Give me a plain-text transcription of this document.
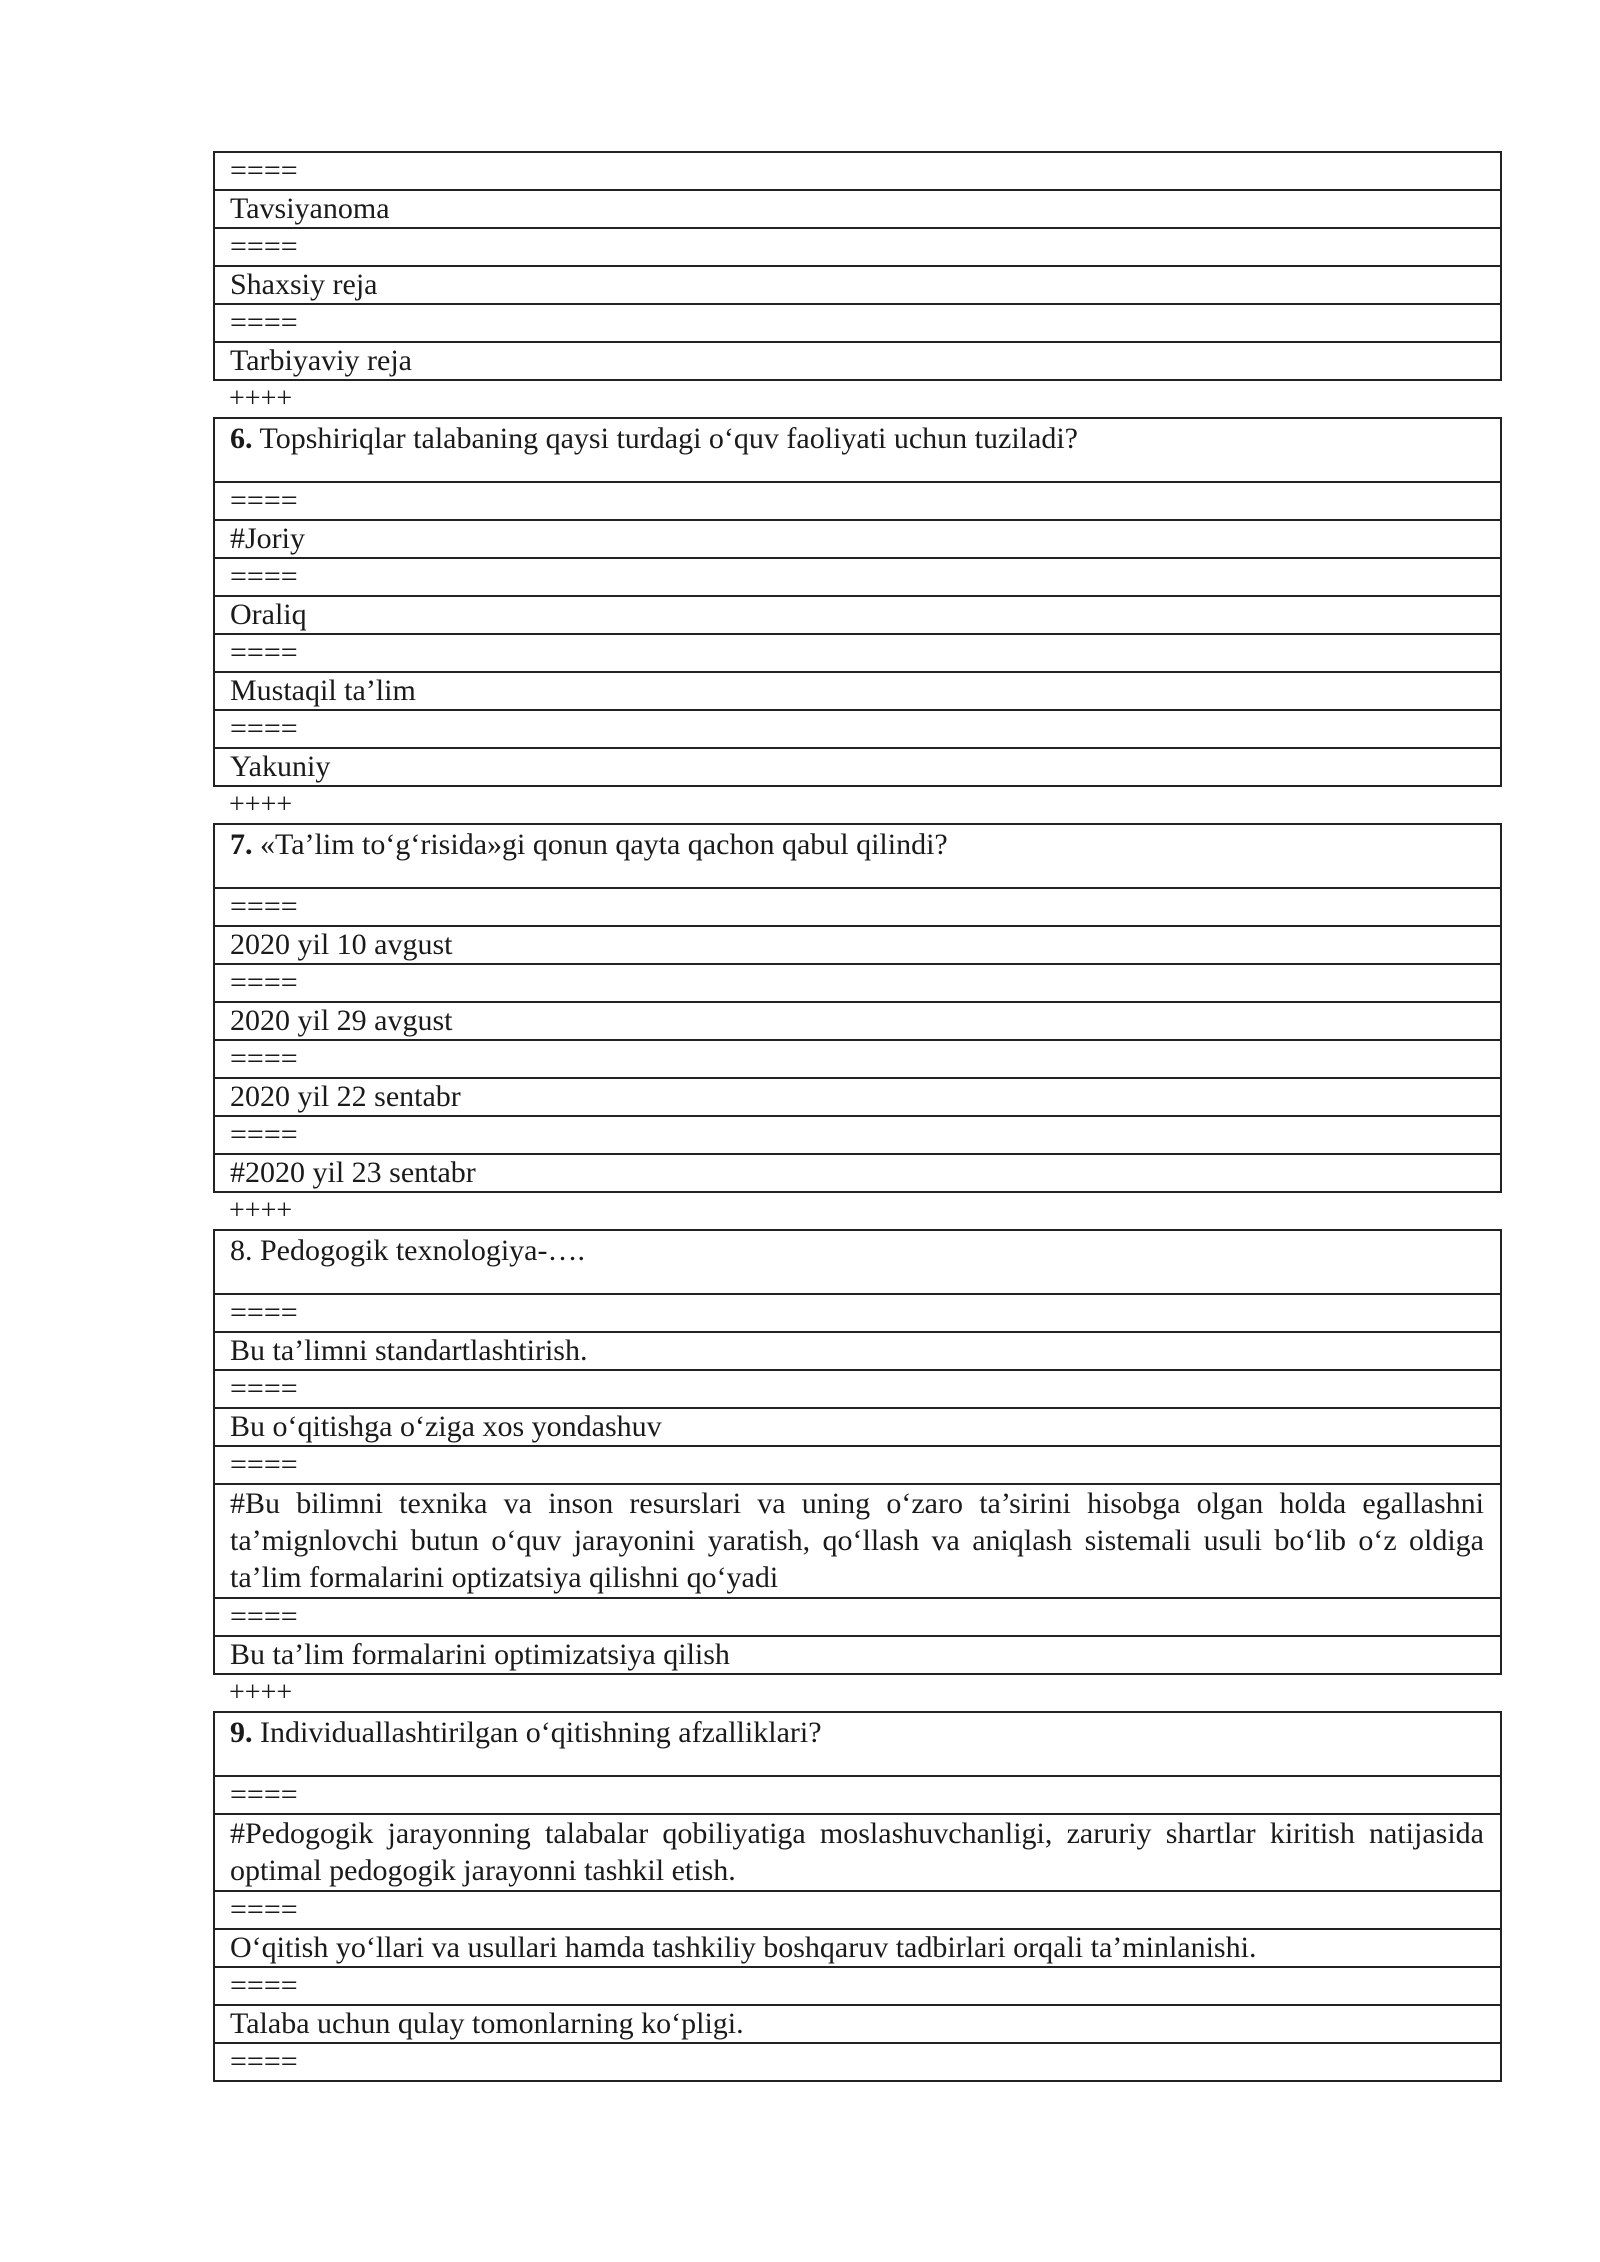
====
Tavsiyanoma
====
Shaxsiy reja
====
Tarbiyaviy reja
++++
6. Topshiriqlar talabaning qaysi turdagi o‘quv faoliyati uchun tuziladi?
====
#Joriy
====
Oraliq
====
Mustaqil ta’lim
====
Yakuniy
++++
7. «Ta’lim to‘g‘risida»gi qonun qayta qachon qabul qilindi?
====
2020 yil 10 avgust
====
2020 yil 29 avgust
====
2020 yil 22 sentabr
====
#2020 yil 23 sentabr
++++
8. Pedogogik texnologiya-….
====
Bu ta’limni standartlashtirish.
====
Bu o‘qitishga o‘ziga xos yondashuv
====
#Bu bilimni texnika va inson resurslari va uning o‘zaro ta’sirini hisobga olgan holda egallashni ta’mignlovchi butun o‘quv jarayonini yaratish, qo‘llash va aniqlash sistemali usuli bo‘lib o‘z oldiga ta’lim formalarini optizatsiya qilishni qo‘yadi
====
Bu ta’lim formalarini optimizatsiya qilish
++++
9. Individuallashtirilgan o‘qitishning afzalliklari?
====
#Pedogogik jarayonning talabalar qobiliyatiga moslashuvchanligi, zaruriy shartlar kiritish natijasida optimal pedogogik jarayonni tashkil etish.
====
O‘qitish yo‘llari va usullari hamda tashkiliy boshqaruv tadbirlari orqali ta’minlanishi.
====
Talaba uchun qulay tomonlarning ko‘pligi.
====
